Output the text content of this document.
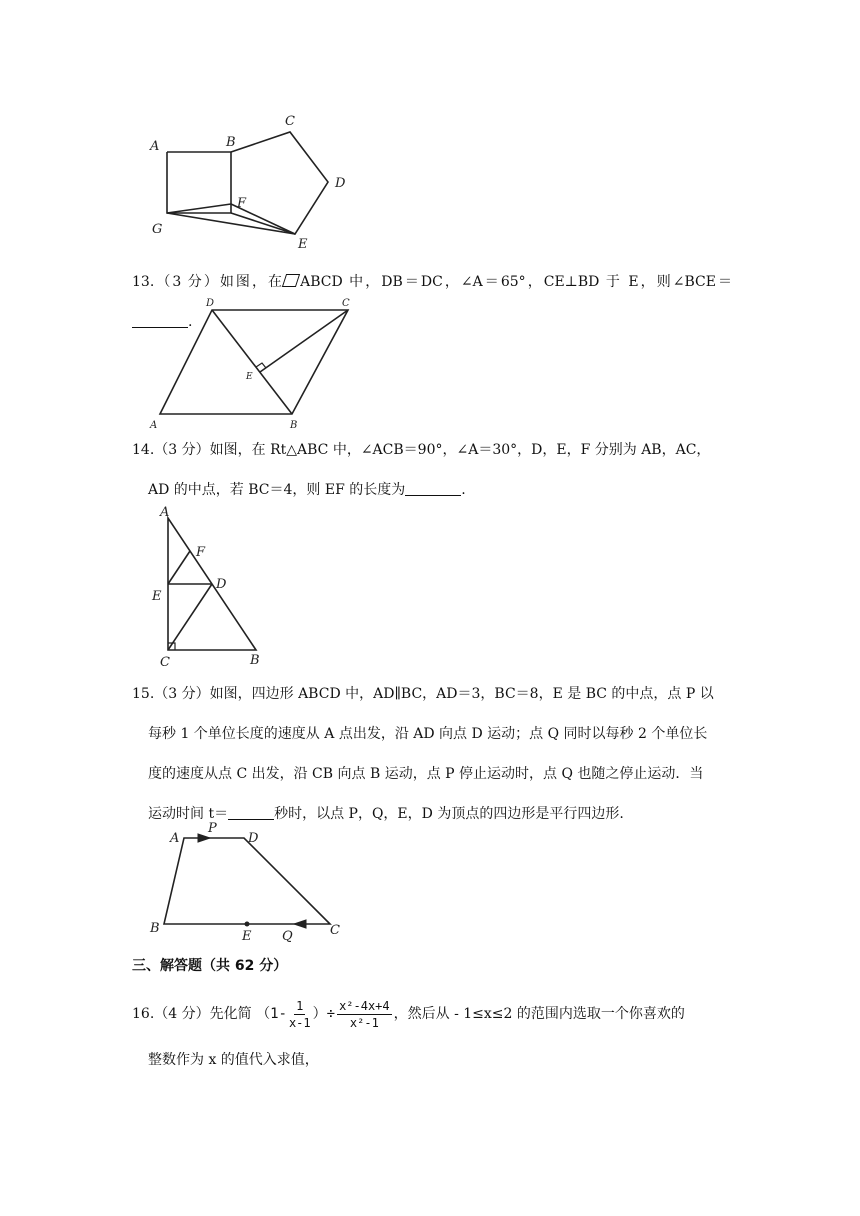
A	B
C
D
E
F
G
13.（3 分）如图，在 ABCD 中，DB＝DC，∠A＝65°，CE⊥BD 于 E，则∠BCE＝.
A	B
C
D
E
14.（3 分）如图，在 Rt△ABC 中，∠ACB＝90°，∠A＝30°，D，E，F 分别为 AB，AC，
AD 的中点，若 BC＝4，则 EF 的长度为	.
A
B
C
D
E
F
15.（3 分）如图，四边形 ABCD 中，AD∥BC，AD＝3，BC＝8，E 是 BC 的中点，点 P 以
每秒 1 个单位长度的速度从 A 点出发，沿 AD 向点 D 运动；点 Q 同时以每秒 2 个单位长
度的速度从点 C 出发，沿 CB 向点 B 运动，点 P 停止运动时，点 Q 也随之停止运动．当
运动时间 t＝	秒时，以点 P，Q，E，D 为顶点的四边形是平行四边形.
A
P
D
B
E Q	C
三、解答题（共 62 分）
16.（4 分）先化简 （$1- \frac{1}{x-1}$ ）÷ $\frac{\text{x²-4x+4}}{\text{x²-1}}$ ，然后从 - 1≤x≤2 的范围内选取一个你喜欢的
整数作为 x 的值代入求值，
